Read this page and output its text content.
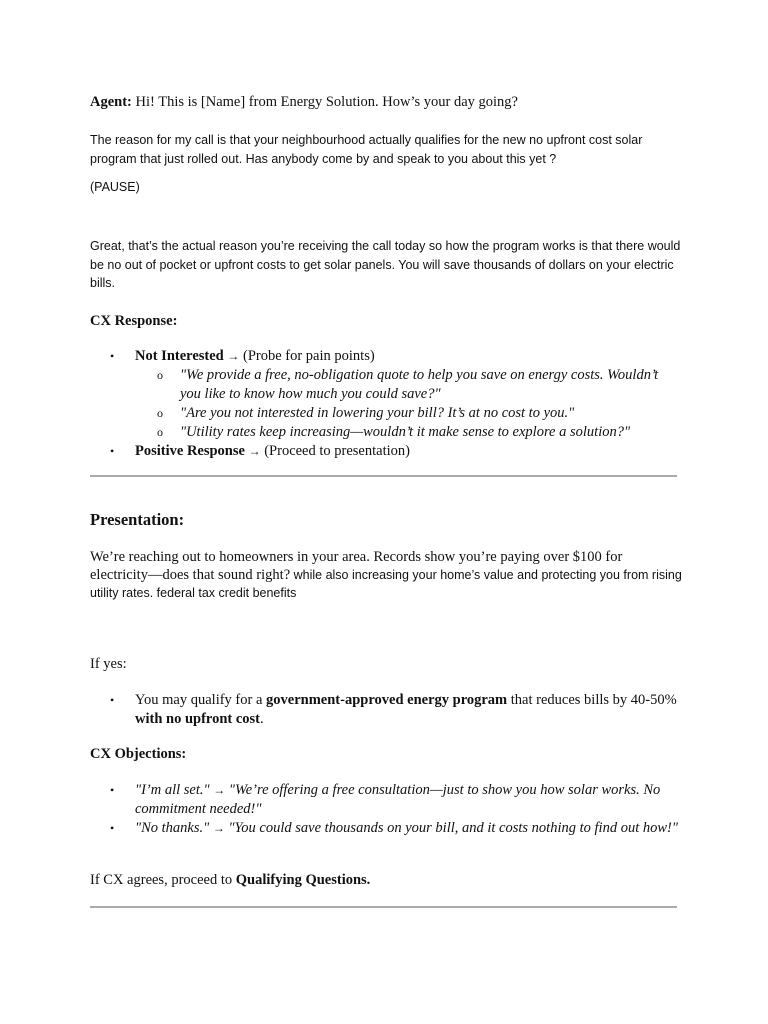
Agent: Hi! This is [Name] from Energy Solution. How’s your day going?

The reason for my call is that your neighbourhood actually qualifies for the new no upfront cost solar program that just rolled out. Has anybody come by and speak to you about this yet ?

(PAUSE)

Great, that’s the actual reason you’re receiving the call today so how the program works is that there would be no out of pocket or upfront costs to get solar panels. You will save thousands of dollars on your electric bills.

CX Response:

• Not Interested → (Probe for pain points)
o "We provide a free, no-obligation quote to help you save on energy costs. Wouldn’t you like to know how much you could save?"
o "Are you not interested in lowering your bill? It’s at no cost to you."
o "Utility rates keep increasing—wouldn’t it make sense to explore a solution?"
• Positive Response → (Proceed to presentation)

Presentation:

We’re reaching out to homeowners in your area. Records show you’re paying over $100 for
electricity—does that sound right? while also increasing your home’s value and protecting you from rising utility rates. federal tax credit benefits

If yes:

• You may qualify for a government-approved energy program that reduces bills by 40-50% with no upfront cost.

CX Objections:

• "I’m all set." → "We’re offering a free consultation—just to show you how solar works. No commitment needed!"
• "No thanks." → "You could save thousands on your bill, and it costs nothing to find out how!"

If CX agrees, proceed to Qualifying Questions.
